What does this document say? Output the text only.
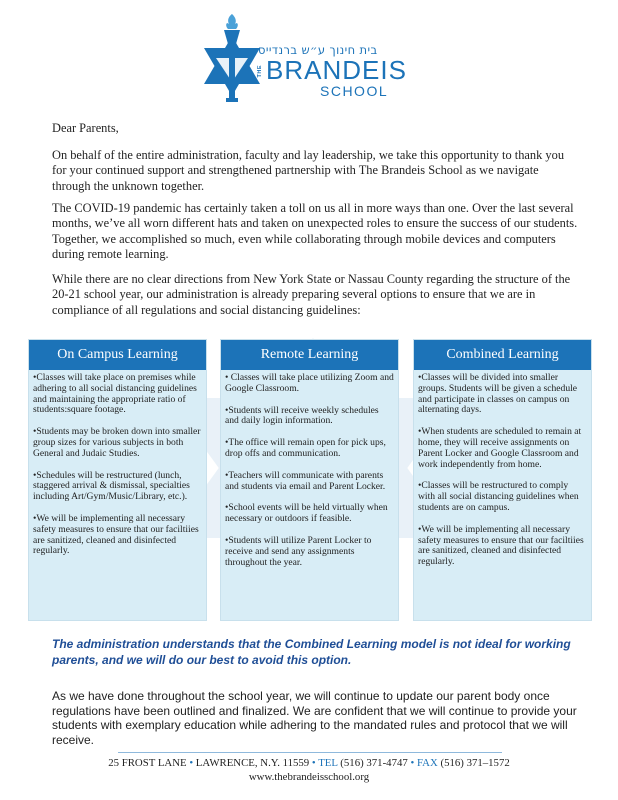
בית חינוך ע״ש ברנדייס
THE BRANDEIS
SCHOOL
Dear Parents,
On behalf of the entire administration, faculty and lay leadership, we take this opportunity to thank you for your continued support and strengthened partnership with The Brandeis School as we navigate through the unknown together.
The COVID-19 pandemic has certainly taken a toll on us all in more ways than one. Over the last several months, we’ve all worn different hats and taken on unexpected roles to ensure the success of our students. Together, we accomplished so much, even while collaborating through mobile devices and computers during remote learning.
While there are no clear directions from New York State or Nassau County regarding the structure of the 20-21 school year, our administration is already preparing several options to ensure that we are in compliance of all regulations and social distancing guidelines:
On Campus Learning
•Classes will take place on premises while adhering to all social distancing guidelines and maintaining the appropriate ratio of students:square footage.
•Students may be broken down into smaller group sizes for various subjects in both General and Judaic Studies.
•Schedules will be restructured (lunch, staggered arrival & dismissal, specialties including Art/Gym/Music/Library, etc.).
•We will be implementing all necessary safety measures to ensure that our faciltiies are sanitized, cleaned and disinfected regularly.
Remote Learning
• Classes will take place utilizing Zoom and Google Classroom.
•Students will receive weekly schedules and daily login information.
•The office will remain open for pick ups, drop offs and communication.
•Teachers will communicate with parents and students via email and Parent Locker.
•School events will be held virtually when necessary or outdoors if feasible.
•Students will utilize Parent Locker to receive and send any assignments throughout the year.
Combined Learning
•Classes will be divided into smaller groups. Students will be given a schedule and participate in classes on campus on alternating days.
•When students are scheduled to remain at home, they will receive assignments on Parent Locker and Google Classroom and work independently from home.
•Classes will be restructured to comply with all social distancing guidelines when students are on campus.
•We will be implementing all necessary safety measures to ensure that our faciltiies are sanitized, cleaned and disinfected regularly.
The administration understands that the Combined Learning model is not ideal for working parents, and we will do our best to avoid this option.
As we have done throughout the school year, we will continue to update our parent body once regulations have been outlined and finalized. We are confident that we will continue to provide your students with exemplary education while adhering to the mandated rules and protocol that we will receive.
25 FROST LANE • LAWRENCE, N.Y. 11559 • TEL (516) 371-4747 • FAX (516) 371–1572
www.thebrandeisschool.org
